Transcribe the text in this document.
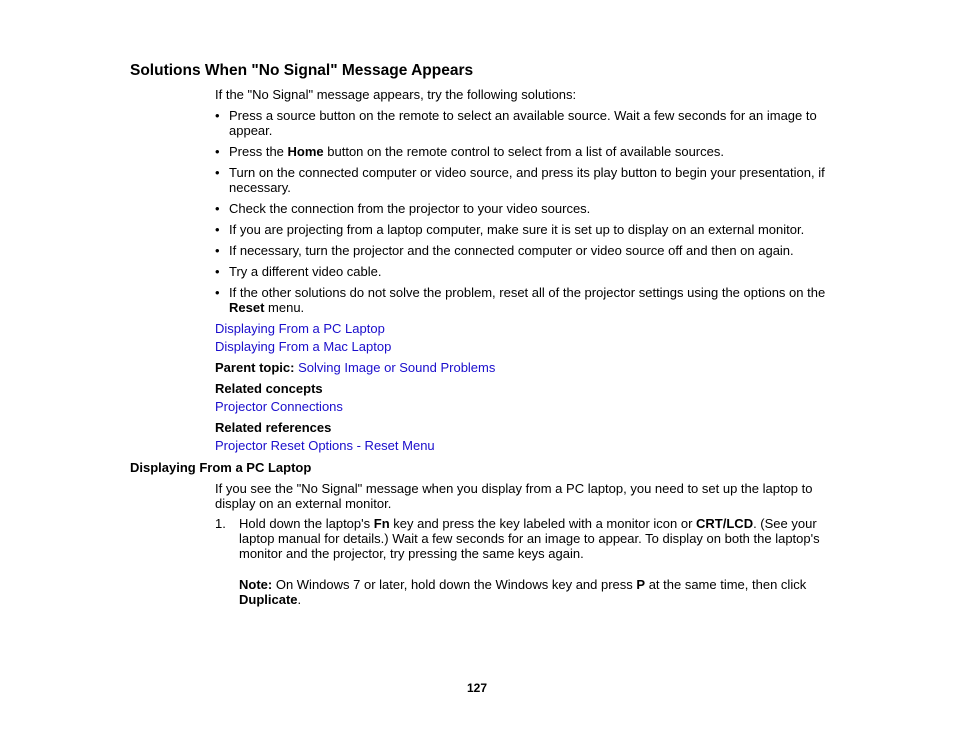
Solutions When "No Signal" Message Appears

If the "No Signal" message appears, try the following solutions:

• Press a source button on the remote to select an available source. Wait a few seconds for an image to appear.
• Press the Home button on the remote control to select from a list of available sources.
• Turn on the connected computer or video source, and press its play button to begin your presentation, if necessary.
• Check the connection from the projector to your video sources.
• If you are projecting from a laptop computer, make sure it is set up to display on an external monitor.
• If necessary, turn the projector and the connected computer or video source off and then on again.
• Try a different video cable.
• If the other solutions do not solve the problem, reset all of the projector settings using the options on the Reset menu.
Displaying From a PC Laptop
Displaying From a Mac Laptop
Parent topic: Solving Image or Sound Problems
Related concepts
Projector Connections
Related references
Projector Reset Options - Reset Menu
Displaying From a PC Laptop

If you see the "No Signal" message when you display from a PC laptop, you need to set up the laptop to display on an external monitor.

1. Hold down the laptop's Fn key and press the key labeled with a monitor icon or CRT/LCD. (See your laptop manual for details.) Wait a few seconds for an image to appear. To display on both the laptop's monitor and the projector, try pressing the same keys again.
Note: On Windows 7 or later, hold down the Windows key and press P at the same time, then click Duplicate.
127
